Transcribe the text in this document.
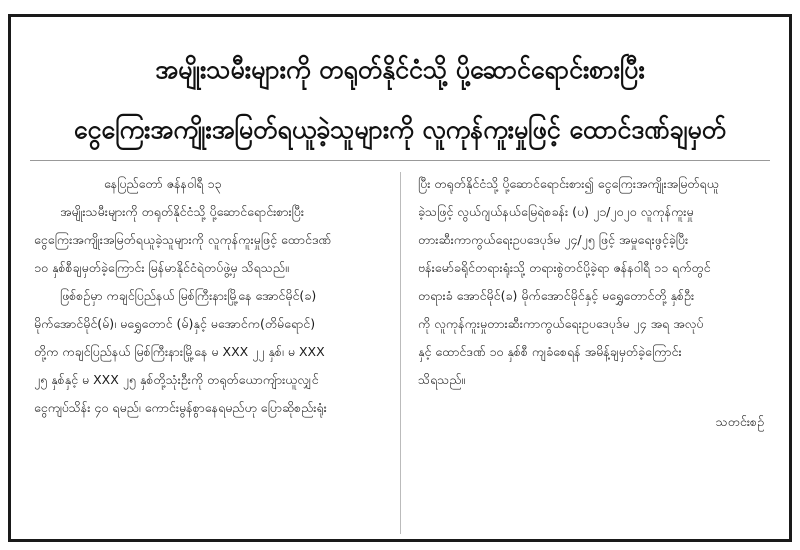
အမျိုးသမီးများကို တရုတ်နိုင်ငံသို့ ပို့ဆောင်ရောင်းစားပြီး
ငွေကြေးအကျိုးအမြတ်ရယူခဲ့သူများကို လူကုန်ကူးမှုဖြင့် ထောင်ဒဏ်ချမှတ်
နေပြည်တော် ဇန်နဝါရီ ၁၃
အမျိုးသမီးများကို တရုတ်နိုင်ငံသို့ ပို့ဆောင်ရောင်းစားပြီး
ငွေကြေးအကျိုးအမြတ်ရယူခဲ့သူများကို လူကုန်ကူးမှုဖြင့် ထောင်ဒဏ်
၁၀ နှစ်စီချမှတ်ခဲ့ကြောင်း မြန်မာနိုင်ငံရဲတပ်ဖွဲ့မှ သိရသည်။
ဖြစ်စဉ်မှာ ကချင်ပြည်နယ် မြစ်ကြီးနားမြို့နေ အောင်မိုင်(ခ)
မိုက်အောင်မိုင်(မ်)၊ မရွှေတောင် (မ်)နှင့် မအောင်က(တိမ်ရောင်)
တို့က ကချင်ပြည်နယ် မြစ်ကြီးနားမြို့နေ မ XXX ၂၂ နှစ်၊ မ XXX
၂၅ နှစ်နှင့် မ XXX ၂၅ နှစ်တို့သုံးဦးကို တရုတ်ယောကျ်ားယူလျှင်
ငွေကျပ်သိန်း ၄၀ ရမည်၊ ကောင်းမွန်စွာနေရမည်ဟု ပြောဆိုစည်းရုံး
ပြီး တရုတ်နိုင်ငံသို့ ပို့ဆောင်ရောင်းစား၍ ငွေကြေးအကျိုးအမြတ်ရယူ
ခဲ့သဖြင့် လွယ်ဂျယ်နယ်မြေရဲစခန်း (ပ) ၂၁/၂၀၂၀ လူကုန်ကူးမှု
တားဆီးကာကွယ်ရေးဥပဒေပုဒ်မ ၂၄/၂၅ ဖြင့် အမှုရေးဖွင့်ခဲ့ပြီး
ဗန်းမော်ခရိုင်တရားရုံးသို့ တရားစွဲတင်ပို့ခဲ့ရာ ဇန်နဝါရီ ၁၁ ရက်တွင်
တရားခံ အောင်မိုင်(ခ) မိုက်အောင်မိုင်နှင့် မရွှေတောင်တို့ နှစ်ဦး
ကို လူကုန်ကူးမှုတားဆီးကာကွယ်ရေးဥပဒေပုဒ်မ ၂၄ အရ အလုပ်
နှင့် ထောင်ဒဏ် ၁၀ နှစ်စီ ကျခံစေရန် အမိန့်ချမှတ်ခဲ့ကြောင်း
သိရသည်။
သတင်းစဉ်
